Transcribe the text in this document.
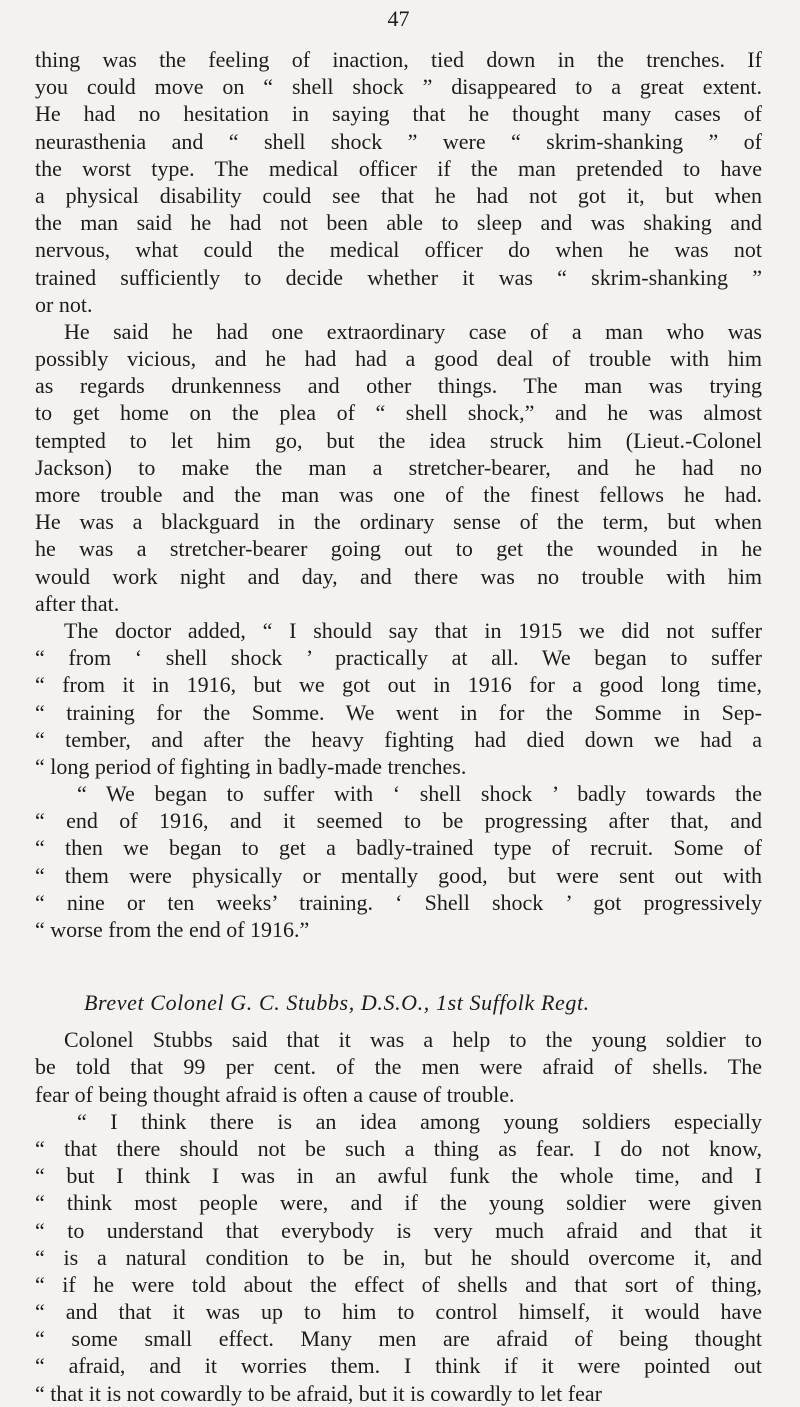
47
thing was the feeling of inaction, tied down in the trenches. If
you could move on “ shell shock ” disappeared to a great extent.
He had no hesitation in saying that he thought many cases of
neurasthenia and “ shell shock ” were “ skrim-shanking ” of
the worst type. The medical officer if the man pretended to have
a physical disability could see that he had not got it, but when
the man said he had not been able to sleep and was shaking and
nervous, what could the medical officer do when he was not
trained sufficiently to decide whether it was “ skrim-shanking ”
or not.
He said he had one extraordinary case of a man who was
possibly vicious, and he had had a good deal of trouble with him
as regards drunkenness and other things. The man was trying
to get home on the plea of “ shell shock,” and he was almost
tempted to let him go, but the idea struck him (Lieut.-Colonel
Jackson) to make the man a stretcher-bearer, and he had no
more trouble and the man was one of the finest fellows he had.
He was a blackguard in the ordinary sense of the term, but when
he was a stretcher-bearer going out to get the wounded in he
would work night and day, and there was no trouble with him
after that.
The doctor added, “ I should say that in 1915 we did not suffer
“ from ‘ shell shock ’ practically at all. We began to suffer
“ from it in 1916, but we got out in 1916 for a good long time,
“ training for the Somme. We went in for the Somme in Sep-
“ tember, and after the heavy fighting had died down we had a
“ long period of fighting in badly-made trenches.
“ We began to suffer with ‘ shell shock ’ badly towards the
“ end of 1916, and it seemed to be progressing after that, and
“ then we began to get a badly-trained type of recruit. Some of
“ them were physically or mentally good, but were sent out with
“ nine or ten weeks’ training. ‘ Shell shock ’ got progressively
“ worse from the end of 1916.”
Brevet Colonel G. C. Stubbs, D.S.O., 1st Suffolk Regt.
Colonel Stubbs said that it was a help to the young soldier to
be told that 99 per cent. of the men were afraid of shells. The
fear of being thought afraid is often a cause of trouble.
“ I think there is an idea among young soldiers especially
“ that there should not be such a thing as fear. I do not know,
“ but I think I was in an awful funk the whole time, and I
“ think most people were, and if the young soldier were given
“ to understand that everybody is very much afraid and that it
“ is a natural condition to be in, but he should overcome it, and
“ if he were told about the effect of shells and that sort of thing,
“ and that it was up to him to control himself, it would have
“ some small effect. Many men are afraid of being thought
“ afraid, and it worries them. I think if it were pointed out
“ that it is not cowardly to be afraid, but it is cowardly to let fear
